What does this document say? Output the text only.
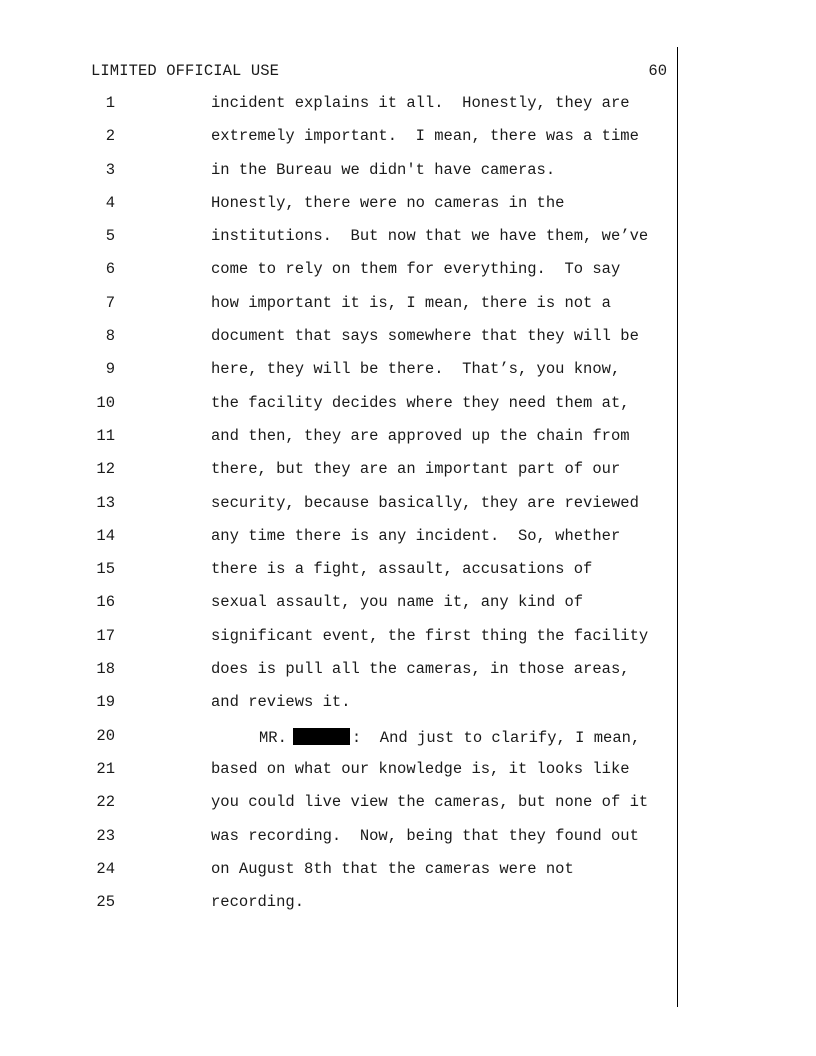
LIMITED OFFICIAL USE	60
1	incident explains it all.  Honestly, they are
2	extremely important.  I mean, there was a time
3	in the Bureau we didn't have cameras.
4	Honestly, there were no cameras in the
5	institutions.  But now that we have them, we’ve
6	come to rely on them for everything.  To say
7	how important it is, I mean, there is not a
8	document that says somewhere that they will be
9	here, they will be there.  That’s, you know,
10	the facility decides where they need them at,
11	and then, they are approved up the chain from
12	there, but they are an important part of our
13	security, because basically, they are reviewed
14	any time there is any incident.  So, whether
15	there is a fight, assault, accusations of
16	sexual assault, you name it, any kind of
17	significant event, the first thing the facility
18	does is pull all the cameras, in those areas,
19	and reviews it.
20	MR.	:  And just to clarify, I mean,
21	based on what our knowledge is, it looks like
22	you could live view the cameras, but none of it
23	was recording.  Now, being that they found out
24	on August 8th that the cameras were not
25	recording.
